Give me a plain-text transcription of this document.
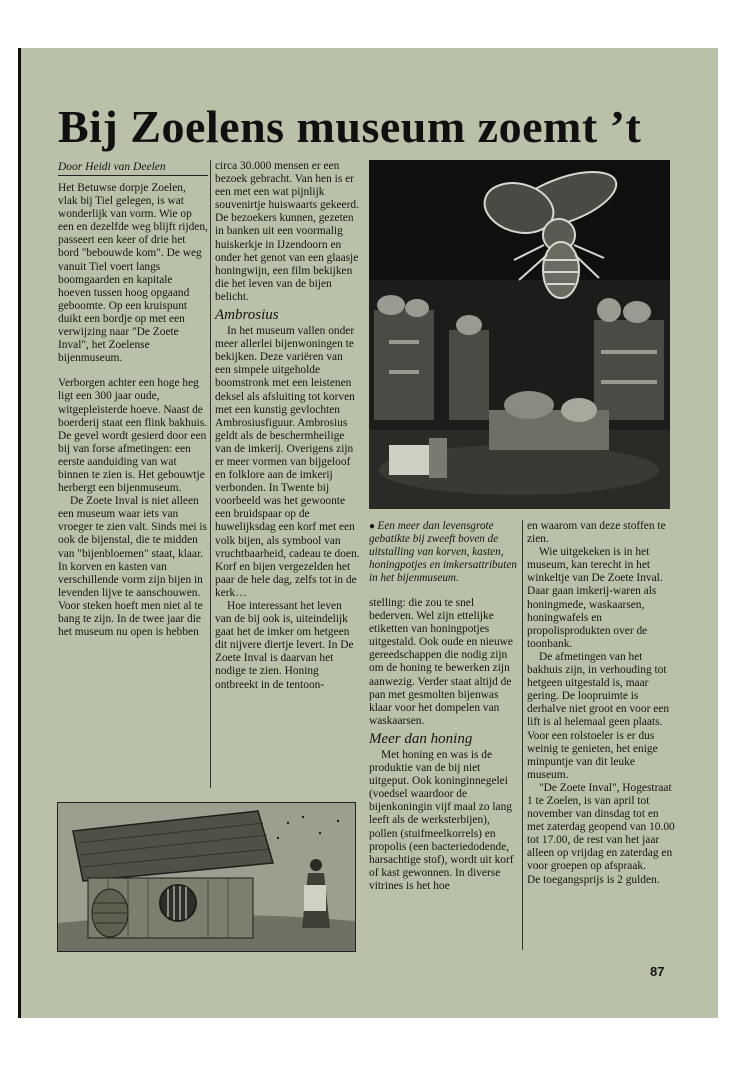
Bij Zoelens museum zoemt ’t
Door Heidi van Deelen

Het Betuwse dorpje Zoelen, vlak bij Tiel gelegen, is wat wonderlijk van vorm. Wie op een en dezelfde weg blijft rijden, passeert een keer of drie het bord "bebouwde kom". De weg vanuit Tiel voert langs boomgaarden en kapitale hoeven tussen hoog opgaand geboomte. Op een kruispunt duikt een bordje op met een verwijzing naar "De Zoete Inval", het Zoelense bijenmuseum.

Verborgen achter een hoge heg ligt een 300 jaar oude, witgepleisterde hoeve. Naast de boerderij staat een flink bakhuis. De gevel wordt gesierd door een bij van forse afmetingen: een eerste aanduiding van wat binnen te zien is. Het gebouwtje herbergt een bijenmuseum.

De Zoete Inval is niet alleen een museum waar iets van vroeger te zien valt. Sinds mei is ook de bijenstal, die te midden van "bijenbloemen" staat, klaar. In korven en kasten van verschillende vorm zijn bijen in levenden lijve te aanschouwen. Voor steken hoeft men niet al te bang te zijn. In de twee jaar die het museum nu open is hebben

circa 30.000 mensen er een bezoek gebracht. Van hen is er een met een wat pijnlijk souvenirtje huiswaarts gekeerd. De bezoekers kunnen, gezeten in banken uit een voormalig huiskerkje in IJzendoorn en onder het genot van een glaasje honingwijn, een film bekijken die het leven van de bijen belicht.

Ambrosius

In het museum vallen onder meer allerlei bijenwoningen te bekijken. Deze variëren van een simpele uitgeholde boomstronk met een leistenen deksel als afsluiting tot korven met een kunstig gevlochten Ambrosiusfiguur. Ambrosius geldt als de beschermheilige van de imkerij. Overigens zijn er meer vormen van bijgeloof en folklore aan de imkerij verbonden. In Twente bij voorbeeld was het gewoonte een bruidspaar op de huwelijksdag een korf met een volk bijen, als symbool van vruchtbaarheid, cadeau te doen. Korf en bijen vergezelden het paar de hele dag, zelfs tot in de kerk…

Hoe interessant het leven van de bij ook is, uiteindelijk gaat het de imker om hetgeen dit nijvere diertje levert. In De Zoete Inval is daarvan het nodige te zien. Honing ontbreekt in de tentoon-

● Een meer dan levensgrote gebatikte bij zweeft boven de uitstalling van korven, kasten, honingpotjes en imkersattributen in het bijenmuseum.

stelling: die zou te snel bederven. Wel zijn ettelijke etiketten van honingpotjes uitgestald. Ook oude en nieuwe gereedschappen die nodig zijn om de honing te bewerken zijn aanwezig. Verder staat altijd de pan met gesmolten bijenwas klaar voor het dompelen van waskaarsen.

Meer dan honing

Met honing en was is de produktie van de bij niet uitgeput. Ook koninginnegelei (voedsel waardoor de bijenkoningin vijf maal zo lang leeft als de werksterbijen), pollen (stuifmeelkorrels) en propolis (een bacteriedodende, harsachtige stof), wordt uit korf of kast gewonnen. In diverse vitrines is het hoe

en waarom van deze stoffen te zien.

Wie uitgekeken is in het museum, kan terecht in het winkeltje van De Zoete Inval. Daar gaan imkerij-waren als honingmede, waskaarsen, honingwafels en propolisprodukten over de toonbank.

De afmetingen van het bakhuis zijn, in verhouding tot hetgeen uitgestald is, maar gering. De loopruimte is derhalve niet groot en voor een lift is al helemaal geen plaats. Voor een rolstoeler is er dus weinig te genieten, het enige minpuntje van dit leuke museum.

"De Zoete Inval", Hogestraat 1 te Zoelen, is van april tot november van dinsdag tot en met zaterdag geopend van 10.00 tot 17.00, de rest van het jaar alleen op vrijdag en zaterdag en voor groepen op afspraak.

De toegangsprijs is 2 gulden.

87
